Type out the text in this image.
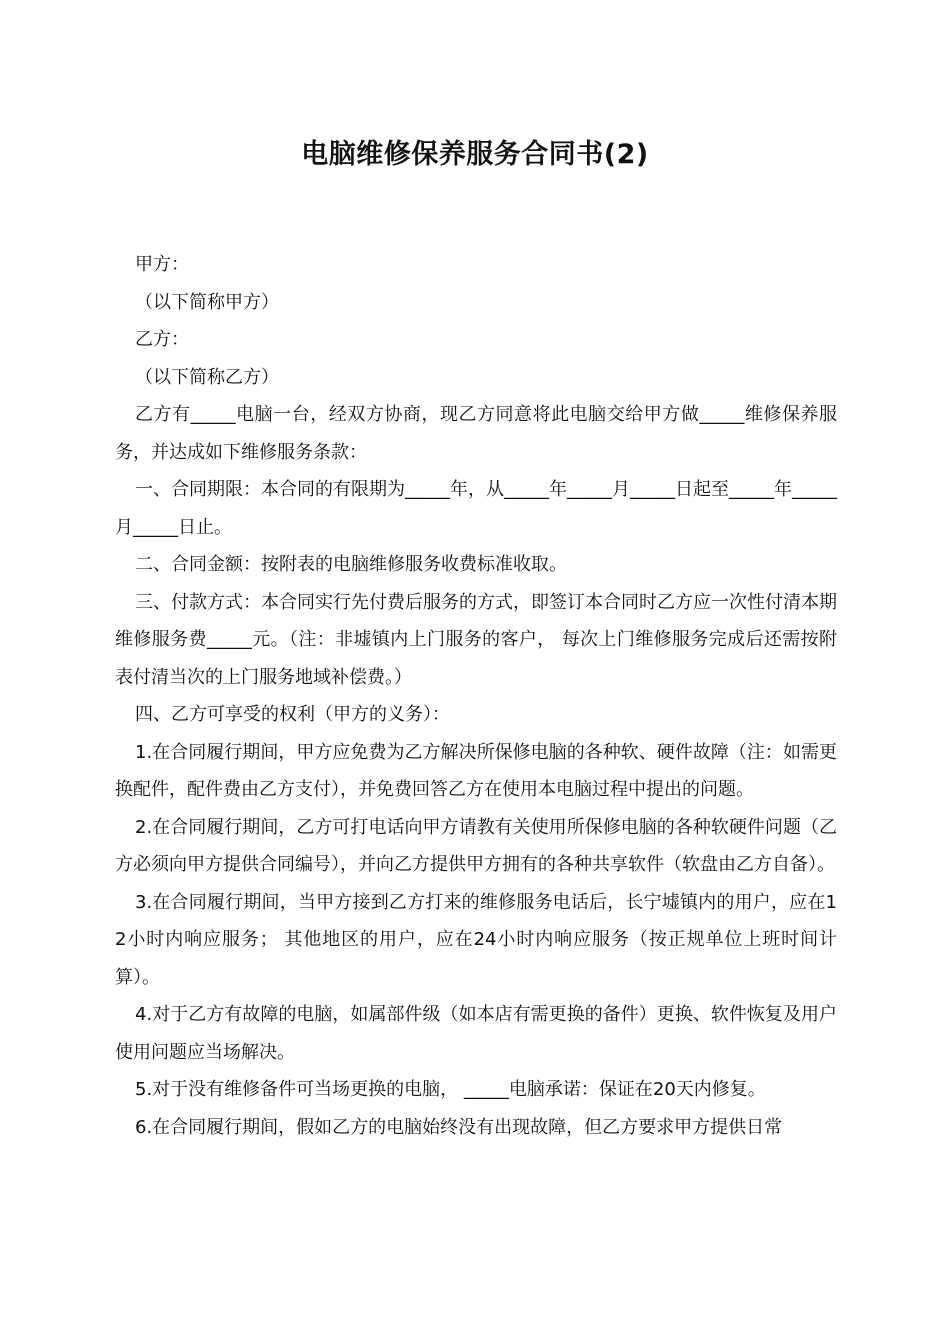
电脑维修保养服务合同书(2)

甲方：

（以下简称甲方）

乙方：

（以下简称乙方）

乙方有_____电脑一台，经双方协商，现乙方同意将此电脑交给甲方做_____维修保养服务，并达成如下维修服务条款：

一、合同期限：本合同的有限期为_____年，从_____年_____月_____日起至_____年_____月_____日止。

二、合同金额：按附表的电脑维修服务收费标准收取。

三、付款方式：本合同实行先付费后服务的方式，即签订本合同时乙方应一次性付清本期维修服务费_____元。（注：非墟镇内上门服务的客户， 每次上门维修服务完成后还需按附表付清当次的上门服务地域补偿费。）

四、乙方可享受的权利（甲方的义务）：

1.在合同履行期间，甲方应免费为乙方解决所保修电脑的各种软、硬件故障（注：如需更换配件，配件费由乙方支付），并免费回答乙方在使用本电脑过程中提出的问题。

2.在合同履行期间，乙方可打电话向甲方请教有关使用所保修电脑的各种软硬件问题（乙方必须向甲方提供合同编号），并向乙方提供甲方拥有的各种共享软件（软盘由乙方自备）。

3.在合同履行期间，当甲方接到乙方打来的维修服务电话后，长宁墟镇内的用户，应在12小时内响应服务； 其他地区的用户，应在24小时内响应服务（按正规单位上班时间计算）。

4.对于乙方有故障的电脑，如属部件级（如本店有需更换的备件）更换、软件恢复及用户使用问题应当场解决。

5.对于没有维修备件可当场更换的电脑， _____电脑承诺：保证在20天内修复。

6.在合同履行期间，假如乙方的电脑始终没有出现故障，但乙方要求甲方提供日常
